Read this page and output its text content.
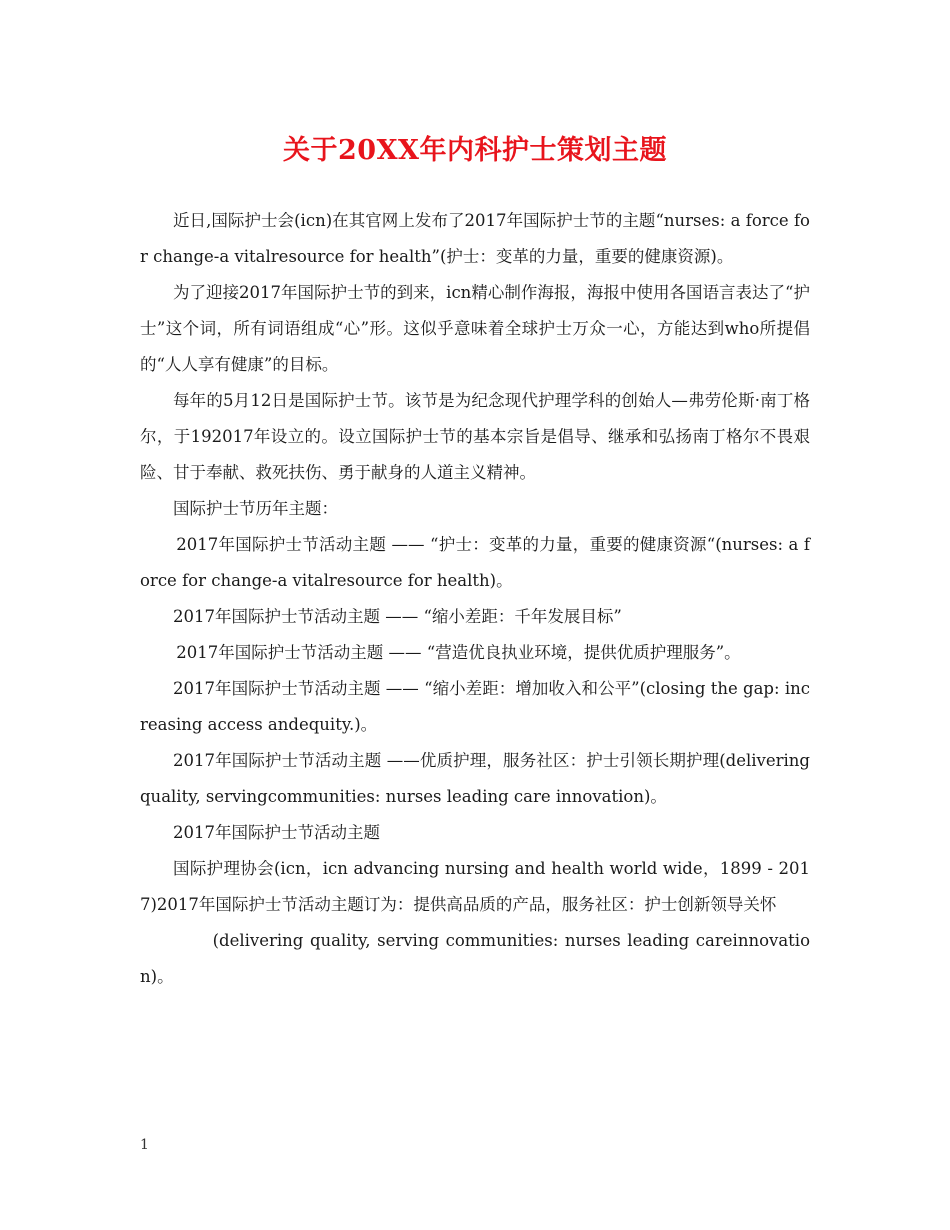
关于20XX年内科护士策划主题

近日,国际护士会(icn)在其官网上发布了2017年国际护士节的主题“nurses: a force for change-a vitalresource for health”(护士：变革的力量，重要的健康资源)。

为了迎接2017年国际护士节的到来，icn精心制作海报，海报中使用各国语言表达了“护士”这个词，所有词语组成“心”形。这似乎意味着全球护士万众一心，方能达到who所提倡的“人人享有健康”的目标。

每年的5月12日是国际护士节。该节是为纪念现代护理学科的创始人—弗劳伦斯·南丁格尔，于192017年设立的。设立国际护士节的基本宗旨是倡导、继承和弘扬南丁格尔不畏艰险、甘于奉献、救死扶伤、勇于献身的人道主义精神。

国际护士节历年主题：

2017年国际护士节活动主题 —— “护士：变革的力量，重要的健康资源“(nurses: a force for change-a vitalresource for health)。

2017年国际护士节活动主题 —— “缩小差距：千年发展目标”

2017年国际护士节活动主题 —— “营造优良执业环境，提供优质护理服务”。

2017年国际护士节活动主题 —— “缩小差距：增加收入和公平”(closing the gap: increasing access andequity.)。

2017年国际护士节活动主题 ——优质护理，服务社区：护士引领长期护理(delivering quality, servingcommunities: nurses leading care innovation)。

2017年国际护士节活动主题

国际护理协会(icn，icn advancing nursing and health world wide，1899 - 2017)2017年国际护士节活动主题订为：提供高品质的产品，服务社区：护士创新领导关怀

(delivering quality, serving communities: nurses leading careinnovation)。

1
